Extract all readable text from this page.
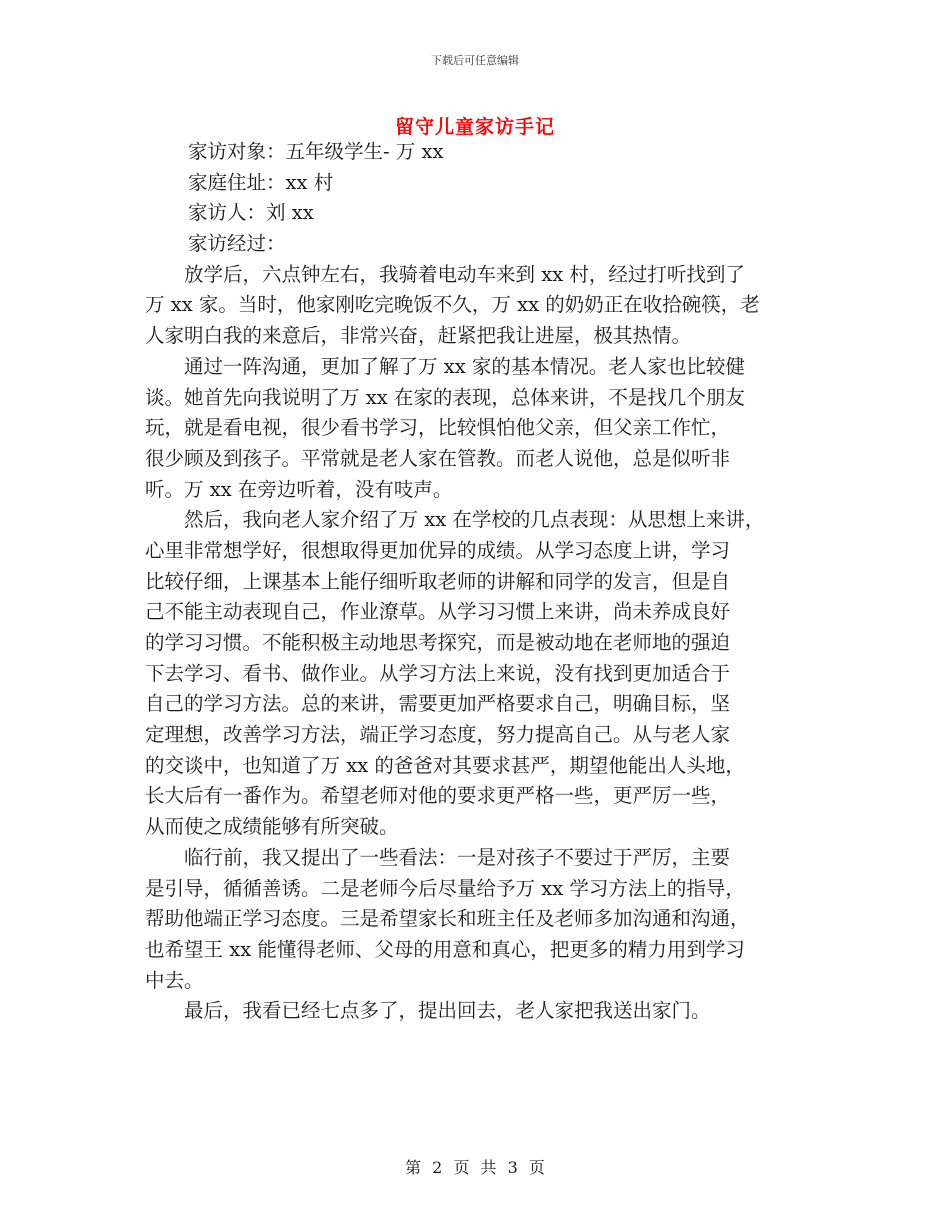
下载后可任意编辑
留守儿童家访手记
家访对象：五年级学生- 万 xx
家庭住址：xx 村
家访人：刘 xx
家访经过：
　　放学后，六点钟左右，我骑着电动车来到 xx 村，经过打听找到了
万 xx 家。当时，他家刚吃完晚饭不久，万 xx 的奶奶正在收拾碗筷，老
人家明白我的来意后，非常兴奋，赶紧把我让进屋，极其热情。
　　通过一阵沟通，更加了解了万 xx 家的基本情况。老人家也比较健
谈。她首先向我说明了万 xx 在家的表现，总体来讲，不是找几个朋友
玩，就是看电视，很少看书学习，比较惧怕他父亲，但父亲工作忙，
很少顾及到孩子。平常就是老人家在管教。而老人说他，总是似听非
听。万 xx 在旁边听着，没有吱声。
　　然后，我向老人家介绍了万 xx 在学校的几点表现：从思想上来讲，
心里非常想学好，很想取得更加优异的成绩。从学习态度上讲，学习
比较仔细，上课基本上能仔细听取老师的讲解和同学的发言，但是自
己不能主动表现自己，作业潦草。从学习习惯上来讲，尚未养成良好
的学习习惯。不能积极主动地思考探究，而是被动地在老师地的强迫
下去学习、看书、做作业。从学习方法上来说，没有找到更加适合于
自己的学习方法。总的来讲，需要更加严格要求自己，明确目标，坚
定理想，改善学习方法，端正学习态度，努力提高自己。从与老人家
的交谈中，也知道了万 xx 的爸爸对其要求甚严，期望他能出人头地，
长大后有一番作为。希望老师对他的要求更严格一些，更严厉一些，
从而使之成绩能够有所突破。
　　临行前，我又提出了一些看法：一是对孩子不要过于严厉，主要
是引导，循循善诱。二是老师今后尽量给予万 xx 学习方法上的指导，
帮助他端正学习态度。三是希望家长和班主任及老师多加沟通和沟通，
也希望王 xx 能懂得老师、父母的用意和真心，把更多的精力用到学习
中去。
　　最后，我看已经七点多了，提出回去，老人家把我送出家门。
第 2 页 共 3 页
